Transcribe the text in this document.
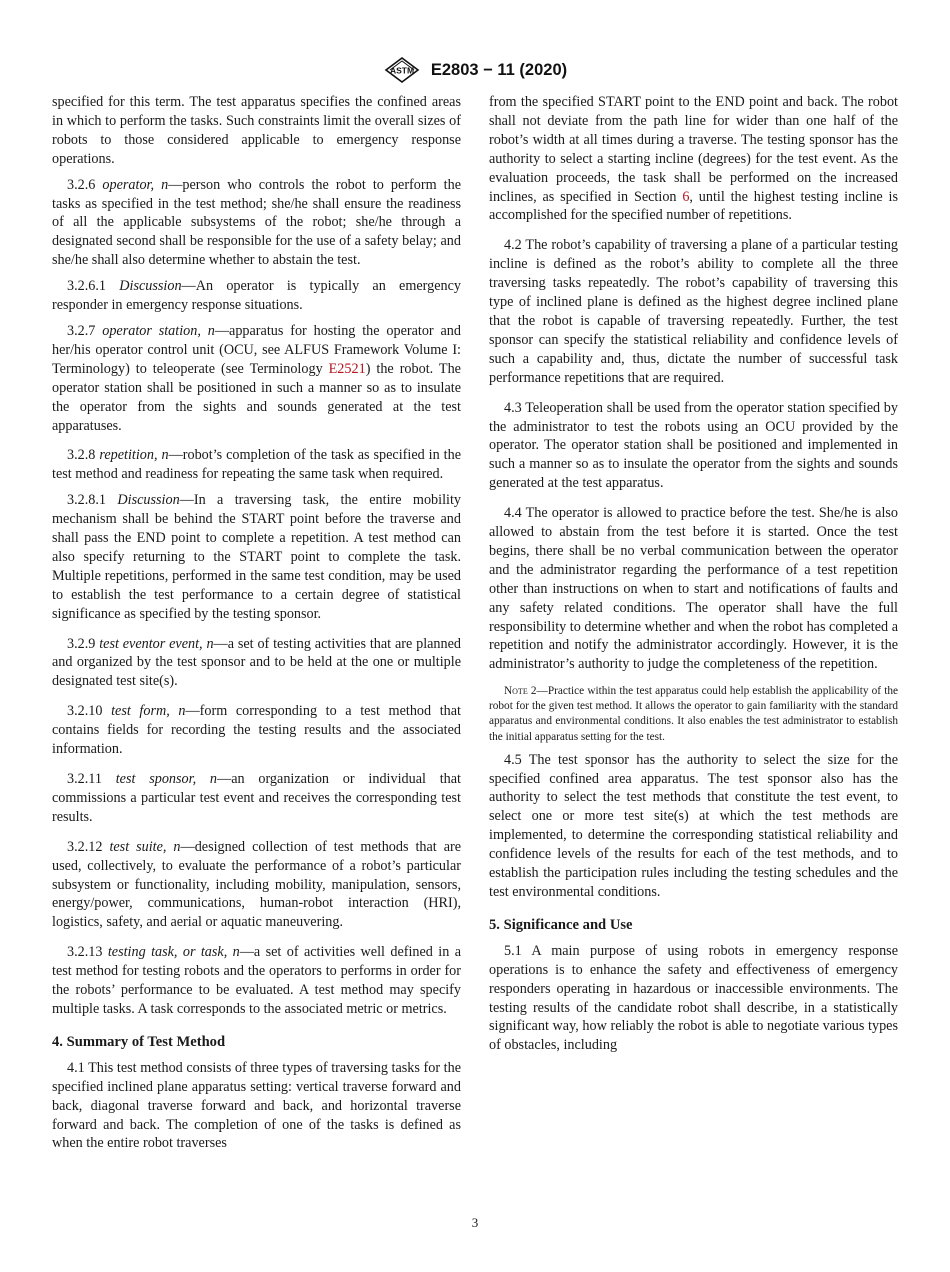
ASTM E2803 − 11 (2020)

specified for this term. The test apparatus specifies the confined areas in which to perform the tasks. Such constraints limit the overall sizes of robots to those considered applicable to emergency response operations.

3.2.6 operator, n—person who controls the robot to perform the tasks as specified in the test method; she/he shall ensure the readiness of all the applicable subsystems of the robot; she/he through a designated second shall be responsible for the use of a safety belay; and she/he shall also determine whether to abstain the test.

3.2.6.1 Discussion—An operator is typically an emergency responder in emergency response situations.

3.2.7 operator station, n—apparatus for hosting the operator and her/his operator control unit (OCU, see ALFUS Framework Volume I: Terminology) to teleoperate (see Terminology E2521) the robot. The operator station shall be positioned in such a manner so as to insulate the operator from the sights and sounds generated at the test apparatuses.

3.2.8 repetition, n—robot’s completion of the task as specified in the test method and readiness for repeating the same task when required.

3.2.8.1 Discussion—In a traversing task, the entire mobility mechanism shall be behind the START point before the traverse and shall pass the END point to complete a repetition. A test method can also specify returning to the START point to complete the task. Multiple repetitions, performed in the same test condition, may be used to establish the test performance to a certain degree of statistical significance as specified by the testing sponsor.

3.2.9 test eventor event, n—a set of testing activities that are planned and organized by the test sponsor and to be held at the one or multiple designated test site(s).

3.2.10 test form, n—form corresponding to a test method that contains fields for recording the testing results and the associated information.

3.2.11 test sponsor, n—an organization or individual that commissions a particular test event and receives the corresponding test results.

3.2.12 test suite, n—designed collection of test methods that are used, collectively, to evaluate the performance of a robot’s particular subsystem or functionality, including mobility, manipulation, sensors, energy/power, communications, human-robot interaction (HRI), logistics, safety, and aerial or aquatic maneuvering.

3.2.13 testing task, or task, n—a set of activities well defined in a test method for testing robots and the operators to performs in order for the robots’ performance to be evaluated. A test method may specify multiple tasks. A task corresponds to the associated metric or metrics.

4. Summary of Test Method

4.1 This test method consists of three types of traversing tasks for the specified inclined plane apparatus setting: vertical traverse forward and back, diagonal traverse forward and back, and horizontal traverse forward and back. The completion of one of the tasks is defined as when the entire robot traverses

from the specified START point to the END point and back. The robot shall not deviate from the path line for wider than one half of the robot’s width at all times during a traverse. The testing sponsor has the authority to select a starting incline (degrees) for the test event. As the evaluation proceeds, the task shall be performed on the increased inclines, as specified in Section 6, until the highest testing incline is accomplished for the specified number of repetitions.

4.2 The robot’s capability of traversing a plane of a particular testing incline is defined as the robot’s ability to complete all the three traversing tasks repeatedly. The robot’s capability of traversing this type of inclined plane is defined as the highest degree inclined plane that the robot is capable of traversing repeatedly. Further, the test sponsor can specify the statistical reliability and confidence levels of such a capability and, thus, dictate the number of successful task performance repetitions that are required.

4.3 Teleoperation shall be used from the operator station specified by the administrator to test the robots using an OCU provided by the operator. The operator station shall be positioned and implemented in such a manner so as to insulate the operator from the sights and sounds generated at the test apparatus.

4.4 The operator is allowed to practice before the test. She/he is also allowed to abstain from the test before it is started. Once the test begins, there shall be no verbal communication between the operator and the administrator regarding the performance of a test repetition other than instructions on when to start and notifications of faults and any safety related conditions. The operator shall have the full responsibility to determine whether and when the robot has completed a repetition and notify the administrator accordingly. However, it is the administrator’s authority to judge the completeness of the repetition.

Note 2—Practice within the test apparatus could help establish the applicability of the robot for the given test method. It allows the operator to gain familiarity with the standard apparatus and environmental conditions. It also enables the test administrator to establish the initial apparatus setting for the test.

4.5 The test sponsor has the authority to select the size for the specified confined area apparatus. The test sponsor also has the authority to select the test methods that constitute the test event, to select one or more test site(s) at which the test methods are implemented, to determine the corresponding statistical reliability and confidence levels of the results for each of the test methods, and to establish the participation rules including the testing schedules and the test environmental conditions.

5. Significance and Use

5.1 A main purpose of using robots in emergency response operations is to enhance the safety and effectiveness of emergency responders operating in hazardous or inaccessible environments. The testing results of the candidate robot shall describe, in a statistically significant way, how reliably the robot is able to negotiate various types of obstacles, including

3
